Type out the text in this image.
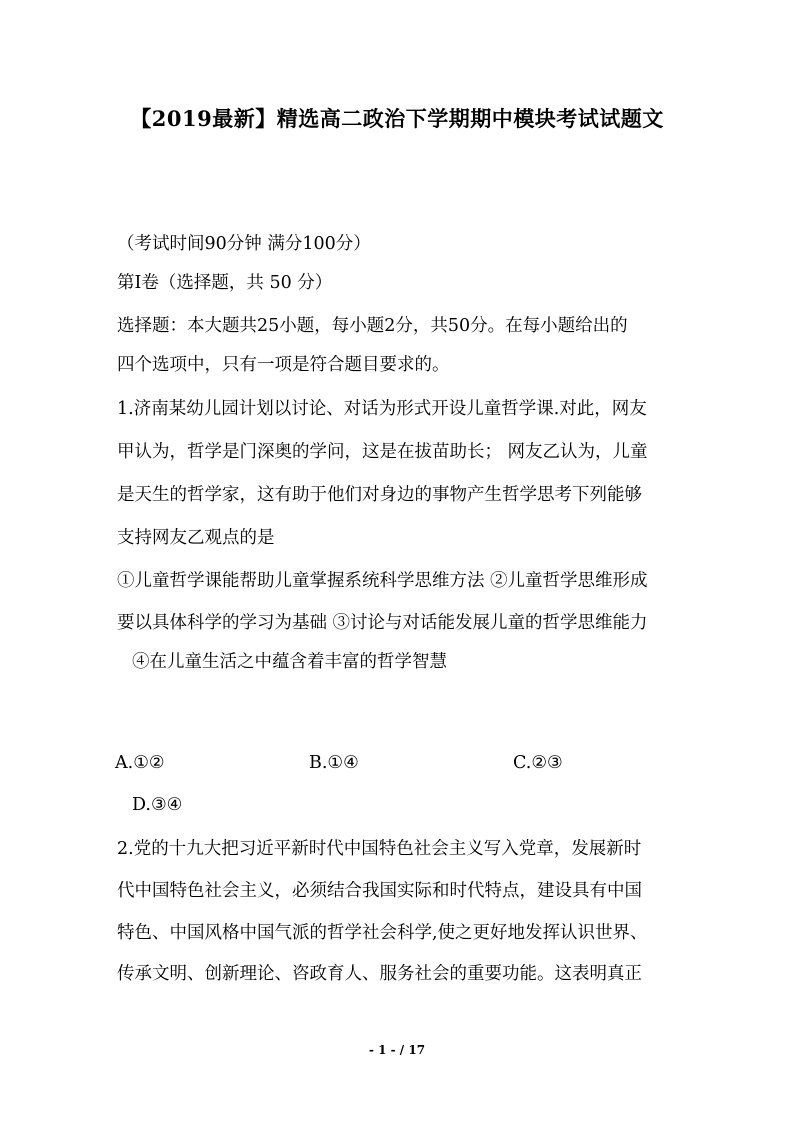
【2019最新】精选高二政治下学期期中模块考试试题文
（考试时间90分钟 满分100分）
第Ⅰ卷（选择题，共 50 分）
选择题：本大题共25小题，每小题2分，共50分。在每小题给出的
四个选项中，只有一项是符合题目要求的。
1.济南某幼儿园计划以讨论、对话为形式开设儿童哲学课.对此，网友
甲认为，哲学是门深奥的学问，这是在拔苗助长； 网友乙认为，儿童
是天生的哲学家，这有助于他们对身边的事物产生哲学思考下列能够
支持网友乙观点的是
①儿童哲学课能帮助儿童掌握系统科学思维方法 ②儿童哲学思维形成
要以具体科学的学习为基础 ③讨论与对话能发展儿童的哲学思维能力
④在儿童生活之中蕴含着丰富的哲学智慧
A.①②	B.①④	C.②③
D.③④
2.党的十九大把习近平新时代中国特色社会主义写入党章，发展新时
代中国特色社会主义，必须结合我国实际和时代特点，建设具有中国
特色、中国风格中国气派的哲学社会科学,使之更好地发挥认识世界、
传承文明、创新理论、咨政育人、服务社会的重要功能。这表明真正
- 1 - / 17
